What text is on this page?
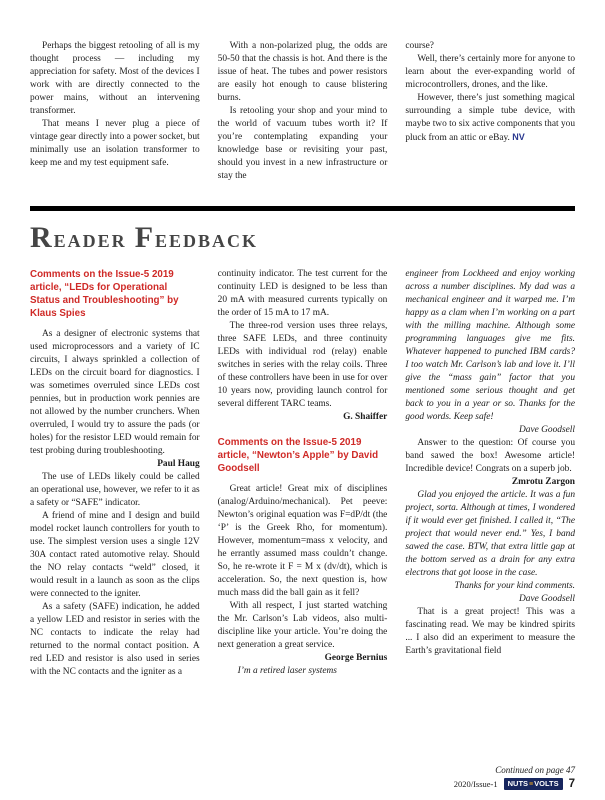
Perhaps the biggest retooling of all is my thought process — including my appreciation for safety. Most of the devices I work with are directly connected to the power mains, without an intervening transformer.

That means I never plug a piece of vintage gear directly into a power socket, but minimally use an isolation transformer to keep me and my test equipment safe.

With a non-polarized plug, the odds are 50-50 that the chassis is hot. And there is the issue of heat. The tubes and power resistors are easily hot enough to cause blistering burns.

Is retooling your shop and your mind to the world of vacuum tubes worth it? If you’re contemplating expanding your knowledge base or revisiting your past, should you invest in a new infrastructure or stay the

course?

Well, there’s certainly more for anyone to learn about the ever-expanding world of microcontrollers, drones, and the like.

However, there’s just something magical surrounding a simple tube device, with maybe two to six active components that you pluck from an attic or eBay. NV

READER FEEDBACK

Comments on the Issue-5 2019 article, “LEDs for Operational Status and Troubleshooting” by Klaus Spies

As a designer of electronic systems that used microprocessors and a variety of IC circuits, I always sprinkled a collection of LEDs on the circuit board for diagnostics. I was sometimes overruled since LEDs cost pennies, but in production work pennies are not allowed by the number crunchers. When overruled, I would try to assure the pads (or holes) for the resistor LED would remain for test probing during troubleshooting.

Paul Haug

The use of LEDs likely could be called an operational use, however, we refer to it as a safety or “SAFE” indicator.

A friend of mine and I design and build model rocket launch controllers for youth to use. The simplest version uses a single 12V 30A contact rated automotive relay. Should the NO relay contacts “weld” closed, it would result in a launch as soon as the clips were connected to the igniter.

As a safety (SAFE) indication, he added a yellow LED and resistor in series with the NC contacts to indicate the relay had returned to the normal contact position. A red LED and resistor is also used in series with the NC contacts and the igniter as a

continuity indicator. The test current for the continuity LED is designed to be less than 20 mA with measured currents typically on the order of 15 mA to 17 mA.

The three-rod version uses three relays, three SAFE LEDs, and three continuity LEDs with individual rod (relay) enable switches in series with the relay coils. Three of these controllers have been in use for over 10 years now, providing launch control for several different TARC teams.

G. Shaiffer

Comments on the Issue-5 2019 article, “Newton’s Apple” by David Goodsell

Great article! Great mix of disciplines (analog/Arduino/mechanical). Pet peeve: Newton’s original equation was F=dP/dt (the ‘P’ is the Greek Rho, for momentum). However, momentum=mass x velocity, and he errantly assumed mass couldn’t change. So, he re-wrote it F = M x (dv/dt), which is acceleration. So, the next question is, how much mass did the ball gain as it fell?

With all respect, I just started watching the Mr. Carlson’s Lab videos, also multi-discipline like your article. You’re doing the next generation a great service.

George Bernius

I’m a retired laser systems

engineer from Lockheed and enjoy working across a number disciplines. My dad was a mechanical engineer and it warped me. I’m happy as a clam when I’m working on a part with the milling machine. Although some programming languages give me fits. Whatever happened to punched IBM cards? I too watch Mr. Carlson’s lab and love it. I’ll give the “mass gain” factor that you mentioned some serious thought and get back to you in a year or so. Thanks for the good words. Keep safe!

Dave Goodsell

Answer to the question: Of course you band sawed the box! Awesome article! Incredible device! Congrats on a superb job.

Zmrotu Zargon

Glad you enjoyed the article. It was a fun project, sorta. Although at times, I wondered if it would ever get finished. I called it, “The project that would never end.” Yes, I band sawed the case. BTW, that extra little gap at the bottom served as a drain for any extra electrons that got loose in the case.

Thanks for your kind comments.

Dave Goodsell

That is a great project! This was a fascinating read. We may be kindred spirits ... I also did an experiment to measure the Earth’s gravitational field

Continued on page 47

2020/Issue-1 NUTS ≡ VOLTS 7
